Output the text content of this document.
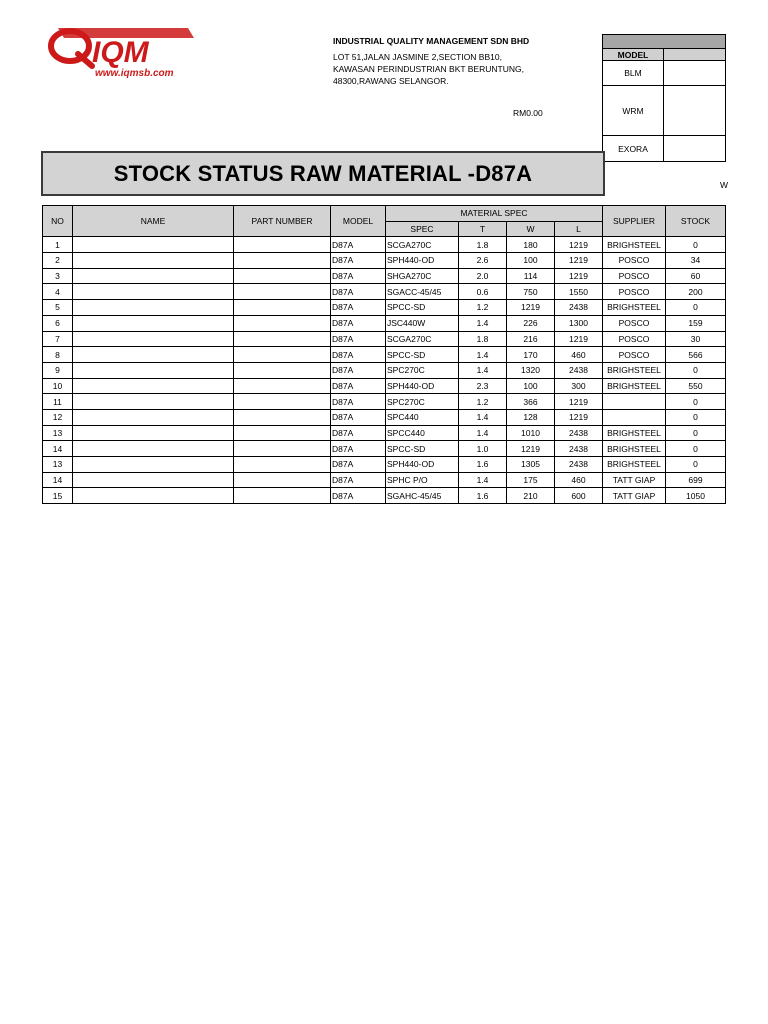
IQM
www.iqmsb.com
INDUSTRIAL QUALITY MANAGEMENT SDN BHD
LOT 51,JALAN JASMINE 2,SECTION BB10,
KAWASAN PERINDUSTRIAN BKT BERUNTUNG,
48300,RAWANG SELANGOR.
RM0.00

MODEL	
BLM	
WRM	
EXORA	
STOCK STATUS RAW MATERIAL -D87A	W
NO	NAME	PART NUMBER	MODEL	MATERIAL SPEC				SUPPLIER	STOCK
				SPEC	T	W	L		
1			D87A	SCGA270C	1.8	180	1219	BRIGHSTEEL	0
2			D87A	SPH440-OD	2.6	100	1219	POSCO	34
3			D87A	SHGA270C	2.0	114	1219	POSCO	60
4			D87A	SGACC-45/45	0.6	750	1550	POSCO	200
5			D87A	SPCC-SD	1.2	1219	2438	BRIGHSTEEL	0
6			D87A	JSC440W	1.4	226	1300	POSCO	159
7			D87A	SCGA270C	1.8	216	1219	POSCO	30
8			D87A	SPCC-SD	1.4	170	460	POSCO	566
9			D87A	SPC270C	1.4	1320	2438	BRIGHSTEEL	0
10			D87A	SPH440-OD	2.3	100	300	BRIGHSTEEL	550
11			D87A	SPC270C	1.2	366	1219		0
12			D87A	SPC440	1.4	128	1219		0
13			D87A	SPCC440	1.4	1010	2438	BRIGHSTEEL	0
14			D87A	SPCC-SD	1.0	1219	2438	BRIGHSTEEL	0
13			D87A	SPH440-OD	1.6	1305	2438	BRIGHSTEEL	0
14			D87A	SPHC P/O	1.4	175	460	TATT GIAP	699
15			D87A	SGAHC-45/45	1.6	210	600	TATT GIAP	1050
